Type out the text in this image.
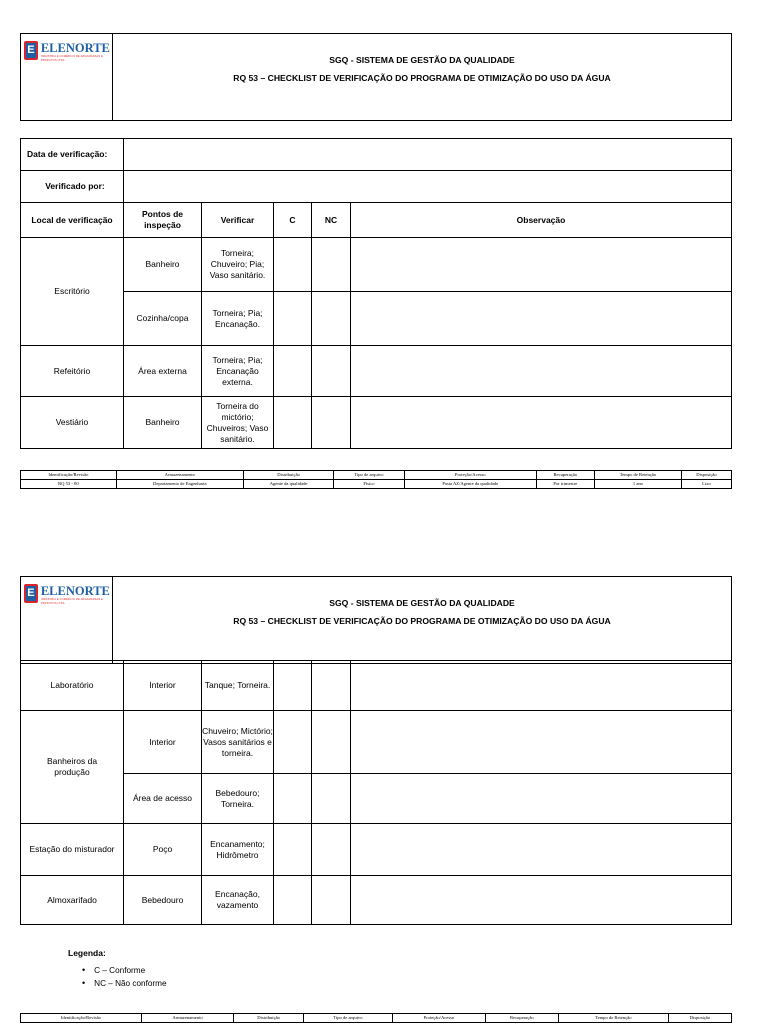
E ELENORTE
INDÚSTRIA E COMÉRCIO DE ARGAMASSAS E PRODUTOS LTDA	SGQ - SISTEMA DE GESTÃO DA QUALIDADE
RQ 53 – CHECKLIST DE VERIFICAÇÃO DO PROGRAMA DE OTIMIZAÇÃO DO USO DA ÁGUA
Data de verificação:					
Verificado por:					
Local de verificação	Pontos de inspeção	Verificar	C	NC	Observação
Escritório	Banheiro	Torneira; Chuveiro; Pia; Vaso sanitário.			
	Cozinha/copa	Torneira; Pia; Encanação.			
Refeitório	Área externa	Torneira; Pia; Encanação externa.			
Vestiário	Banheiro	Torneira do mictório; Chuveiros; Vaso sanitário.			
Identificação/Revisão	Armazenamento	Distribuição	Tipo de arquivo	Proteção/Acesso	Recuperação	Tempo de Retenção	Disposição
RQ 53 - 00	Departamento de Engenharia	Agente da qualidade	Físico	Pasta AZ/Agente da qualidade	Por trimestre	1 ano	Lixo
E ELENORTE
INDÚSTRIA E COMÉRCIO DE ARGAMASSAS E PRODUTOS LTDA	SGQ - SISTEMA DE GESTÃO DA QUALIDADE
RQ 53 – CHECKLIST DE VERIFICAÇÃO DO PROGRAMA DE OTIMIZAÇÃO DO USO DA ÁGUA
Laboratório	Interior	Tanque; Torneira.			
Banheiros da produção	Interior	Chuveiro; Mictório; Vasos sanitários e torneira.			
	Área de acesso	Bebedouro; Torneira.			
Estação do misturador	Poço	Encanamento; Hidrômetro			
Almoxarifado	Bebedouro	Encanação, vazamento			
Legenda:
• C – Conforme
• NC – Não conforme
Identificação/Revisão	Armazenamento	Distribuição	Tipo de arquivo	Proteção/Acesso	Recuperação	Tempo de Retenção	Disposição
